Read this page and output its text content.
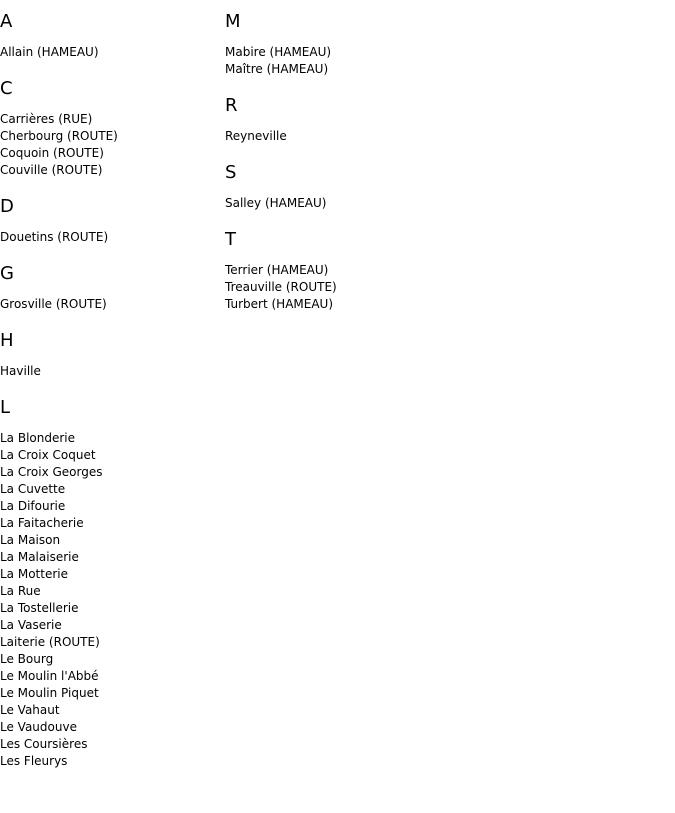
A
Allain (HAMEAU)
C
Carrières (RUE)
Cherbourg (ROUTE)
Coquoin (ROUTE)
Couville (ROUTE)
D
Douetins (ROUTE)
G
Grosville (ROUTE)
H
Haville
L
La Blonderie
La Croix Coquet
La Croix Georges
La Cuvette
La Difourie
La Faitacherie
La Maison
La Malaiserie
La Motterie
La Rue
La Tostellerie
La Vaserie
Laiterie (ROUTE)
Le Bourg
Le Moulin l'Abbé
Le Moulin Piquet
Le Vahaut
Le Vaudouve
Les Coursières
Les Fleurys
M
Mabire (HAMEAU)
Maître (HAMEAU)
R
Reyneville
S
Salley (HAMEAU)
T
Terrier (HAMEAU)
Treauville (ROUTE)
Turbert (HAMEAU)
